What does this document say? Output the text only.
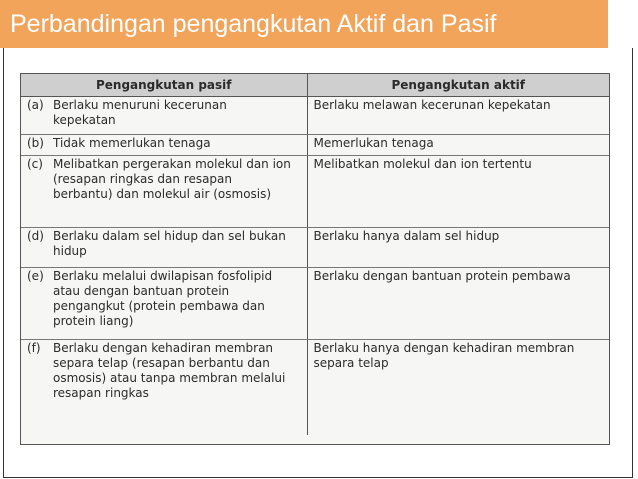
Perbandingan pengangkutan Aktif dan Pasif
Pengangkutan pasif	Pengangkutan aktif
(a) Berlaku menuruni kecerunan kepekatan	Berlaku melawan kecerunan kepekatan
(b) Tidak memerlukan tenaga	Memerlukan tenaga
(c) Melibatkan pergerakan molekul dan ion (resapan ringkas dan resapan berbantu) dan molekul air (osmosis)	Melibatkan molekul dan ion tertentu
(d) Berlaku dalam sel hidup dan sel bukan hidup	Berlaku hanya dalam sel hidup
(e) Berlaku melalui dwilapisan fosfolipid atau dengan bantuan protein pengangkut (protein pembawa dan protein liang)	Berlaku dengan bantuan protein pembawa
(f) Berlaku dengan kehadiran membran separa telap (resapan berbantu dan osmosis) atau tanpa membran melalui resapan ringkas	Berlaku hanya dengan kehadiran membran separa telap
